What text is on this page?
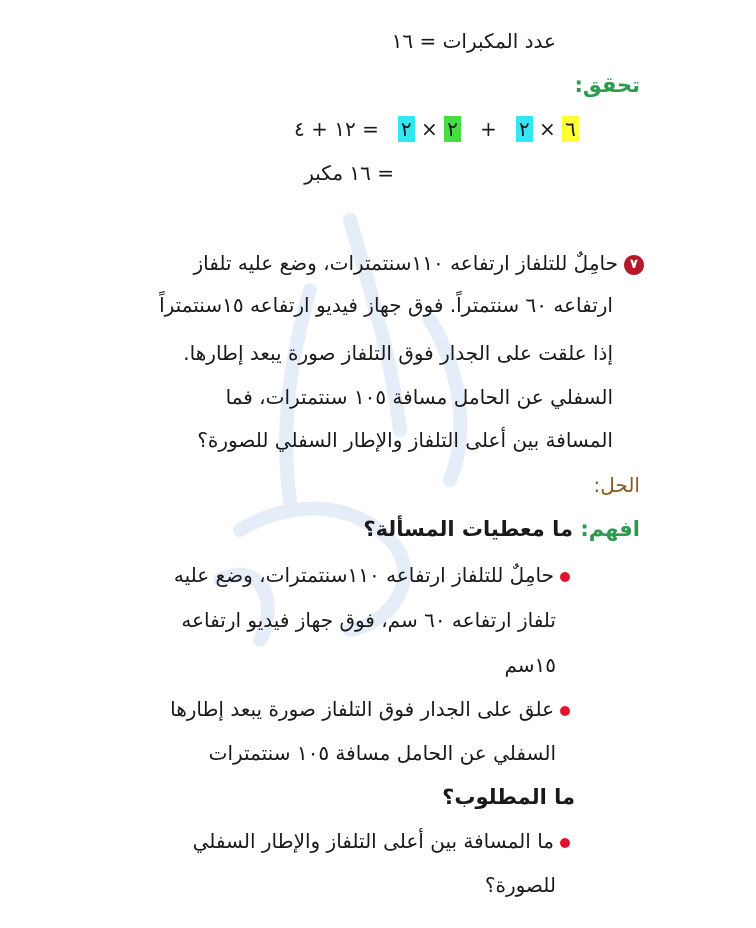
عدد المكبرات = ١٦
تحقق:
= ١٢ + ٤ ٢ × ٢ + ٢ × ٦
= ١٦ مكبر
٧حامِلٌ للتلفاز ارتفاعه ١١٠سنتمترات، وضع عليه تلفاز
ارتفاعه ٦٠ سنتمتراً. فوق جهاز فيديو ارتفاعه ١٥سنتمتراً
إذا علقت على الجدار فوق التلفاز صورة يبعد إطارها.
السفلي عن الحامل مسافة ١٠٥ سنتمترات، فما
المسافة بين أعلى التلفاز والإطار السفلي للصورة؟
الحل:
افهم: ما معطيات المسألة؟
حامِلٌ للتلفاز ارتفاعه ١١٠سنتمترات، وضع عليه
تلفاز ارتفاعه ٦٠ سم، فوق جهاز فيديو ارتفاعه
١٥سم
علق على الجدار فوق التلفاز صورة يبعد إطارها
السفلي عن الحامل مسافة ١٠٥ سنتمترات
ما المطلوب؟
ما المسافة بين أعلى التلفاز والإطار السفلي
للصورة؟
